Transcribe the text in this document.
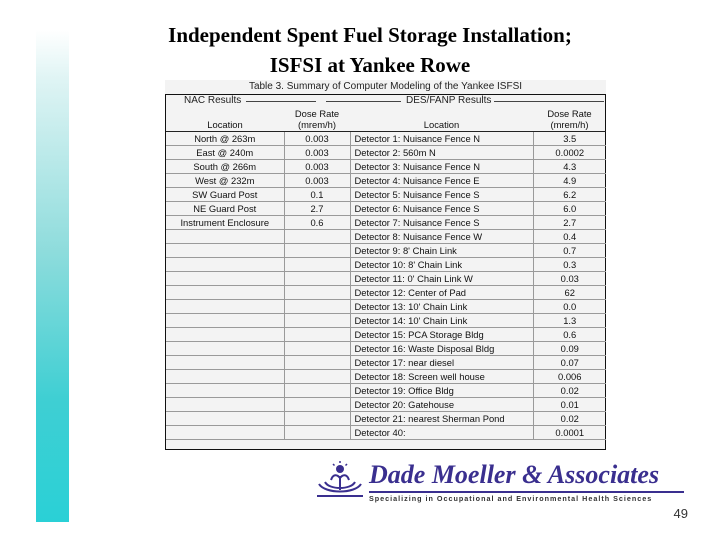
Independent Spent Fuel Storage Installation;
ISFSI at Yankee Rowe
Table 3. Summary of Computer Modeling of the Yankee ISFSI
NAC Results	DES/FANP Results
Location	Dose Rate (mrem/h)	Location	Dose Rate (mrem/h)
North @ 263m	0.003	Detector 1: Nuisance Fence N	3.5
East @ 240m	0.003	Detector 2: 560m N	0.0002
South @ 266m	0.003	Detector 3: Nuisance Fence N	4.3
West @ 232m	0.003	Detector 4: Nuisance Fence E	4.9
SW Guard Post	0.1	Detector 5: Nuisance Fence S	6.2
NE Guard Post	2.7	Detector 6: Nuisance Fence S	6.0
Instrument Enclosure	0.6	Detector 7: Nuisance Fence S	2.7
		Detector 8: Nuisance Fence W	0.4
		Detector 9: 8' Chain Link	0.7
		Detector 10: 8' Chain Link	0.3
		Detector 11: 0' Chain Link W	0.03
		Detector 12: Center of Pad	62
		Detector 13: 10' Chain Link	0.0
		Detector 14: 10' Chain Link	1.3
		Detector 15: PCA Storage Bldg	0.6
		Detector 16: Waste Disposal Bldg	0.09
		Detector 17: near diesel	0.07
		Detector 18: Screen well house	0.006
		Detector 19: Office Bldg	0.02
		Detector 20: Gatehouse	0.01
		Detector 21: nearest Sherman Pond	0.02
		Detector 40:	0.0001
Dade Moeller & Associates
Specializing in Occupational and Environmental Health Sciences
49
